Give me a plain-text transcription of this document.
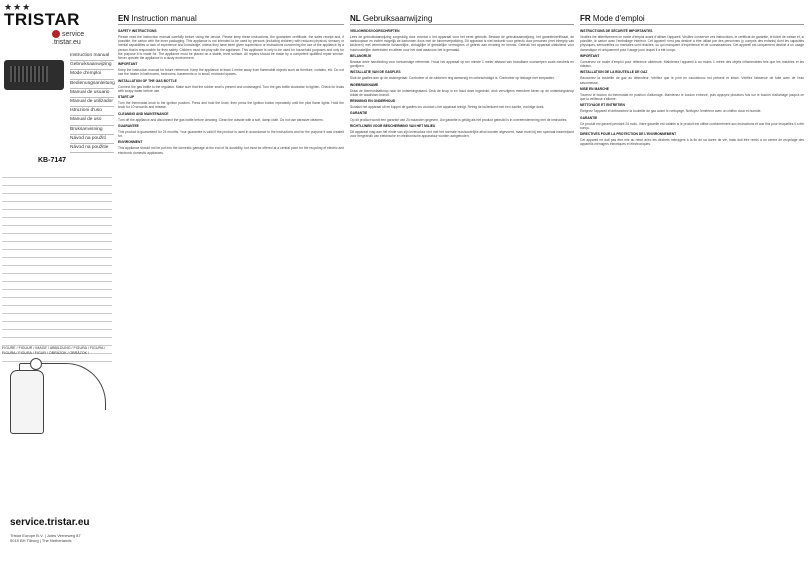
★★★
TRISTAR
service
.tristar.eu
Instruction manual
Gebruiksaanwijzing
Mode d'emploi
Bedienungsanleitung
Manual de usuario
Manual de utilizador
Istruzioni d'uso
Manual de uso
Bruksanvisning
Návod na použití
Návod na použitie
KB-7147
FIGURE / FIGUUR / IMAGE / ABBILDUNG / FIGURA / FIGURA / FIGURA / FIGURA / FIGUR / OBRÁZOK / OBRÁZOK /
service.tristar.eu
Tristar Europe B.V. | Jules Verneweg 87
5015 BH Tilburg | The Netherlands
EN Instruction manual

SAFETY INSTRUCTIONS

Please read the instruction manual carefully before using the device. Please keep these instructions, the guarantee certificate, the sales receipt and, if possible, the carton with the inner packaging. This appliance is not intended to be used by persons (including children) with reduced physical, sensory or mental capabilities or lack of experience and knowledge, unless they have been given supervision or instructions concerning the use of the appliance by a person that is responsible for their safety. Children must not play with the appliance. This appliance is only to be used for household purposes and only for the purpose it is made for. The appliance must be placed on a stable, level surface. All repairs should be made by a competent qualified repair service. Never operate the appliance in a dusty environment.

IMPORTANT

Keep the instruction manual for future reference. Keep the appliance at least 1 metre away from flammable objects such as furniture, curtains, etc. Do not use the heater in bathrooms, bedrooms, basements or in small, enclosed spaces.

INSTALLATION OF THE GAS BOTTLE

Connect the gas bottle to the regulator. Make sure that the rubber seal is present and undamaged. Turn the gas bottle clockwise to tighten. Check for leaks with soapy water before use.

START-UP

Turn the thermostat knob to the ignition position. Press and hold the knob, then press the ignition button repeatedly until the pilot flame lights. Hold the knob for 10 seconds and release.

CLEANING AND MAINTENANCE

Turn off the appliance and disconnect the gas bottle before cleaning. Clean the outside with a soft, damp cloth. Do not use abrasive cleaners.

GUARANTEE

This product is guaranteed for 24 months. Your guarantee is valid if the product is used in accordance to the instructions and for the purpose it was created for.

ENVIRONMENT

This appliance should not be put into the domestic garbage at the end of its durability, but must be offered at a central point for the recycling of electric and electronic domestic appliances.

NL Gebruiksaanwijzing

VEILIGHEIDSVOORSCHRIFTEN

Lees de gebruiksaanwijzing zorgvuldig door voordat u het apparaat voor het eerst gebruikt. Bewaar de gebruiksaanwijzing, het garantiecertificaat, de aankoopbon en indien mogelijk de kartonnen doos met de binnenverpakking. Dit apparaat is niet bedoeld voor gebruik door personen (met inbegrip van kinderen) met verminderde lichamelijke, zintuiglijke of geestelijke vermogens of gebrek aan ervaring en kennis. Gebruik het apparaat uitsluitend voor huishoudelijke doeleinden en alleen voor het doel waarvoor het is gemaakt.

BELANGRIJK

Bewaar deze handleiding voor toekomstige referentie. Houd het apparaat op ten minste 1 meter afstand van brandbare voorwerpen zoals meubels en gordijnen.

INSTALLATIE VAN DE GASFLES

Sluit de gasfles aan op de drukregelaar. Controleer of de rubberen ring aanwezig en onbeschadigd is. Controleer op lekkage met zeepwater.

INGEBRUIKNAME

Draai de thermostaatknop naar de ontstekingsstand. Druk de knop in en houd deze ingedrukt, druk vervolgens meerdere keren op de ontstekingsknop totdat de waakvlam brandt.

REINIGING EN ONDERHOUD

Schakel het apparaat uit en koppel de gasfles los voordat u het apparaat reinigt. Reinig de buitenkant met een zachte, vochtige doek.

GARANTIE

Op dit product wordt een garantie van 24 maanden gegeven. Uw garantie is geldig als het product gebruikt is in overeenstemming met de instructies.

RICHTLIJNEN VOOR BESCHERMING VAN HET MILIEU

Dit apparaat mag aan het einde van zijn levensduur niet met het normale huishoudelijke afval worden afgevoerd, maar moet bij een speciaal inzamelpunt voor hergebruik van elektrische en elektronische apparatuur worden aangeboden.

FR Mode d'emploi

INSTRUCTIONS DE SÉCURITÉ IMPORTANTES

Veuillez lire attentivement ce mode d'emploi avant d'utiliser l'appareil. Veuillez conserver ces instructions, le certificat de garantie, le ticket de caisse et, si possible, le carton avec l'emballage intérieur. Cet appareil n'est pas destiné à être utilisé par des personnes (y compris des enfants) dont les capacités physiques, sensorielles ou mentales sont réduites, ou qui manquent d'expérience et de connaissances. Cet appareil est uniquement destiné à un usage domestique et uniquement pour l'usage pour lequel il a été conçu.

IMPORTANT

Conservez ce mode d'emploi pour référence ultérieure. Maintenez l'appareil à au moins 1 mètre des objets inflammables tels que les meubles et les rideaux.

INSTALLATION DE LA BOUTEILLE DE GAZ

Raccordez la bouteille de gaz au détendeur. Vérifiez que le joint en caoutchouc est présent et intact. Vérifiez l'absence de fuite avec de l'eau savonneuse.

MISE EN MARCHE

Tournez le bouton du thermostat en position d'allumage. Maintenez le bouton enfoncé, puis appuyez plusieurs fois sur le bouton d'allumage jusqu'à ce que la veilleuse s'allume.

NETTOYAGE ET ENTRETIEN

Éteignez l'appareil et débranchez la bouteille de gaz avant le nettoyage. Nettoyez l'extérieur avec un chiffon doux et humide.

GARANTIE

Ce produit est garanti pendant 24 mois. Votre garantie est valable si le produit est utilisé conformément aux instructions et aux fins pour lesquelles il a été conçu.

DIRECTIVES POUR LA PROTECTION DE L'ENVIRONNEMENT

Cet appareil ne doit pas être mis au rebut avec les déchets ménagers à la fin de sa durée de vie, mais doit être remis à un centre de recyclage des appareils ménagers électriques et électroniques.
